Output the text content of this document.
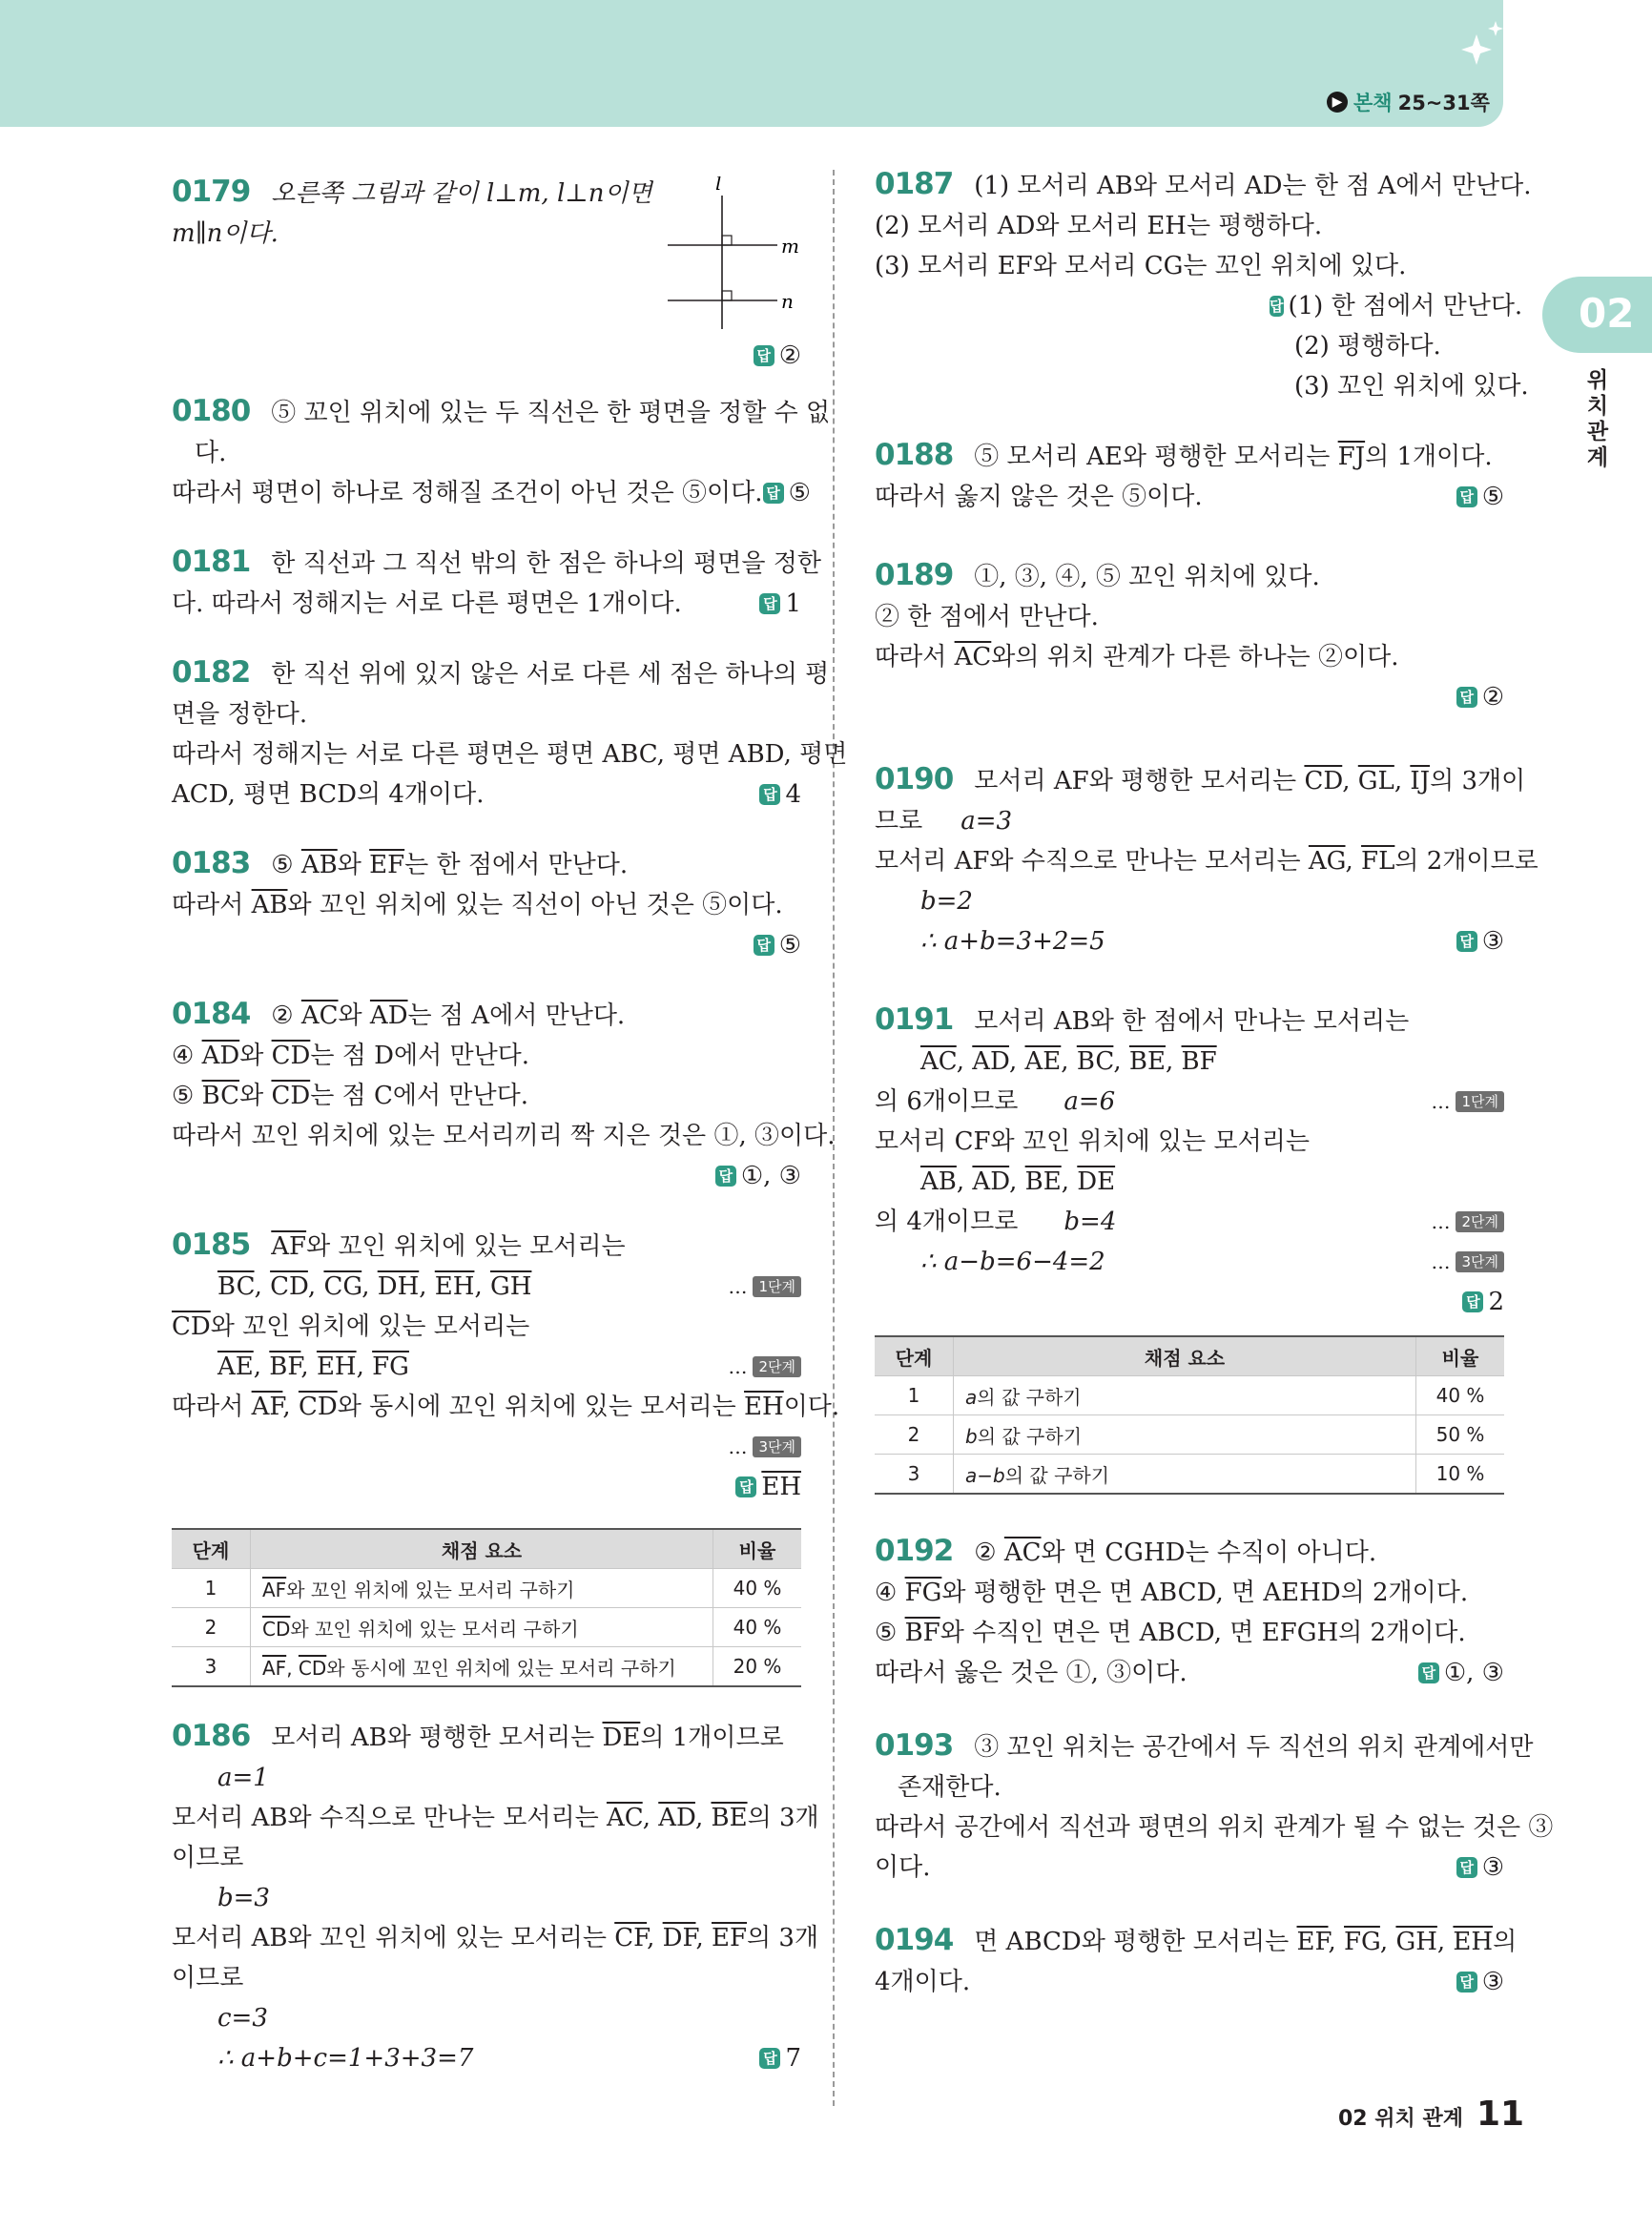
▶ 본책 25~31쪽
02
위치 관계
l
m
n
0179 오른쪽 그림과 같이 l⊥m, l⊥n이면
m∥n이다.
답 ②
0180 ⑤ 꼬인 위치에 있는 두 직선은 한 평면을 정할 수 없
다.
따라서 평면이 하나로 정해질 조건이 아닌 것은 ⑤이다. 답 ⑤
0181 한 직선과 그 직선 밖의 한 점은 하나의 평면을 정한
다. 따라서 정해지는 서로 다른 평면은 1개이다.	답 1
0182 한 직선 위에 있지 않은 서로 다른 세 점은 하나의 평
면을 정한다.
따라서 정해지는 서로 다른 평면은 평면 ABC, 평면 ABD, 평면
ACD, 평면 BCD의 4개이다.	답 4
0183 ⑤ $\overline{AB}$와 $\overline{EF}$는 한 점에서 만난다.
따라서 $\overline{AB}$와 꼬인 위치에 있는 직선이 아닌 것은 ⑤이다.
답 ⑤
0184 ② $\overline{AC}$와 $\overline{AD}$는 점 A에서 만난다.
④ $\overline{AD}$와 $\overline{CD}$는 점 D에서 만난다.
⑤ $\overline{BC}$와 $\overline{CD}$는 점 C에서 만난다.
따라서 꼬인 위치에 있는 모서리끼리 짝 지은 것은 ①, ③이다.
답 ①, ③
0185 $\overline{AF}$와 꼬인 위치에 있는 모서리는
$\overline{BC}$, $\overline{CD}$, $\overline{CG}$, $\overline{DH}$, $\overline{EH}$, $\overline{GH}$	… 1단계
$\overline{CD}$와 꼬인 위치에 있는 모서리는
$\overline{AE}$, $\overline{BF}$, $\overline{EH}$, $\overline{FG}$	… 2단계
따라서 $\overline{AF}$, $\overline{CD}$와 동시에 꼬인 위치에 있는 모서리는 $\overline{EH}$이다.
… 3단계
답 $\overline{EH}$
단계	채점 요소	비율
1	$\overline{AF}$와 꼬인 위치에 있는 모서리 구하기	40 %
2	$\overline{CD}$와 꼬인 위치에 있는 모서리 구하기	40 %
3	$\overline{AF}$, $\overline{CD}$와 동시에 꼬인 위치에 있는 모서리 구하기	20 %
0186 모서리 AB와 평행한 모서리는 $\overline{DE}$의 1개이므로
a=1
모서리 AB와 수직으로 만나는 모서리는 $\overline{AC}$, $\overline{AD}$, $\overline{BE}$의 3개
이므로
b=3
모서리 AB와 꼬인 위치에 있는 모서리는 $\overline{CF}$, $\overline{DF}$, $\overline{EF}$의 3개
이므로
c=3
∴ a+b+c=1+3+3=7	답 7
0187 (1) 모서리 AB와 모서리 AD는 한 점 A에서 만난다.
(2) 모서리 AD와 모서리 EH는 평행하다.
(3) 모서리 EF와 모서리 CG는 꼬인 위치에 있다.
답 (1) 한 점에서 만난다.
(2) 평행하다.
(3) 꼬인 위치에 있다.
0188 ⑤ 모서리 AE와 평행한 모서리는 $\overline{FJ}$의 1개이다.
따라서 옳지 않은 것은 ⑤이다.	답 ⑤
0189 ①, ③, ④, ⑤ 꼬인 위치에 있다.
② 한 점에서 만난다.
따라서 $\overline{AC}$와의 위치 관계가 다른 하나는 ②이다.
답 ②
0190 모서리 AF와 평행한 모서리는 $\overline{CD}$, $\overline{GL}$, $\overline{IJ}$의 3개이
므로 a=3
모서리 AF와 수직으로 만나는 모서리는 $\overline{AG}$, $\overline{FL}$의 2개이므로
b=2
∴ a+b=3+2=5	답 ③
0191 모서리 AB와 한 점에서 만나는 모서리는
$\overline{AC}$, $\overline{AD}$, $\overline{AE}$, $\overline{BC}$, $\overline{BE}$, $\overline{BF}$
의 6개이므로 a=6	… 1단계
모서리 CF와 꼬인 위치에 있는 모서리는
$\overline{AB}$, $\overline{AD}$, $\overline{BE}$, $\overline{DE}$
의 4개이므로 b=4	… 2단계
∴ a−b=6−4=2	… 3단계
답 2
단계	채점 요소	비율
1	a의 값 구하기	40 %
2	b의 값 구하기	50 %
3	a−b의 값 구하기	10 %
0192 ② $\overline{AC}$와 면 CGHD는 수직이 아니다.
④ $\overline{FG}$와 평행한 면은 면 ABCD, 면 AEHD의 2개이다.
⑤ $\overline{BF}$와 수직인 면은 면 ABCD, 면 EFGH의 2개이다.
따라서 옳은 것은 ①, ③이다.	답 ①, ③
0193 ③ 꼬인 위치는 공간에서 두 직선의 위치 관계에서만
존재한다.
따라서 공간에서 직선과 평면의 위치 관계가 될 수 없는 것은 ③
이다.	답 ③
0194 면 ABCD와 평행한 모서리는 $\overline{EF}$, $\overline{FG}$, $\overline{GH}$, $\overline{EH}$의
4개이다.	답 ③
02 위치 관계 11
